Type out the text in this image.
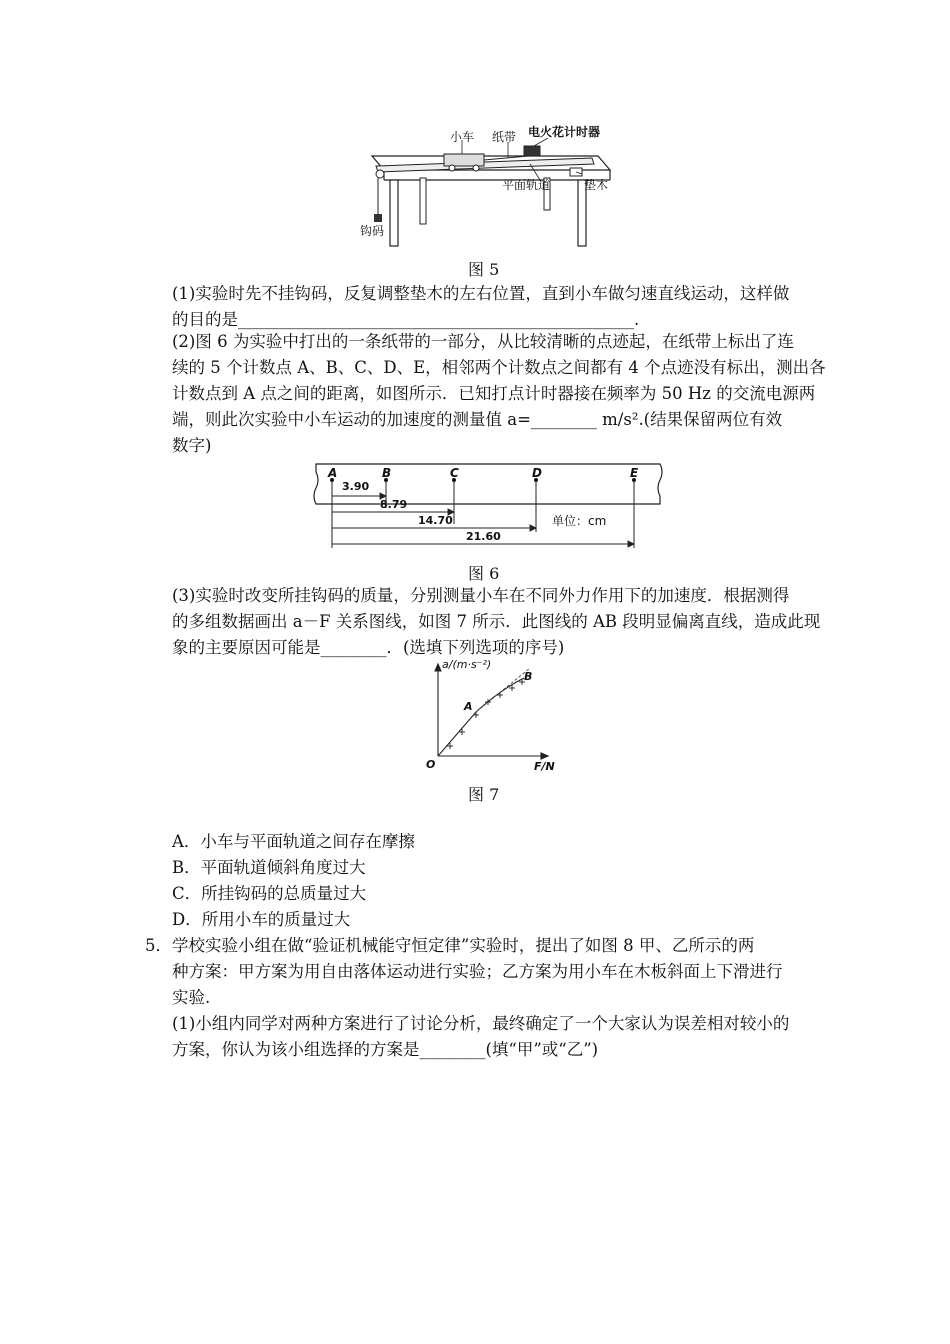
小车 纸带 电火花计时器
平面轨道	垫木
钩码
图 5
(1)实验时先不挂钩码，反复调整垫木的左右位置，直到小车做匀速直线运动，这样做
的目的是________________________________________________.
(2)图 6 为实验中打出的一条纸带的一部分，从比较清晰的点迹起，在纸带上标出了连
续的 5 个计数点 A、B、C、D、E，相邻两个计数点之间都有 4 个点迹没有标出，测出各
计数点到 A 点之间的距离，如图所示．已知打点计时器接在频率为 50 Hz 的交流电源两
端，则此次实验中小车运动的加速度的测量值 a=________ m/s².(结果保留两位有效
数字)
A	B	C	D	E
3.90
8.79
14.70
21.60
单位：cm
图 6
(3)实验时改变所挂钩码的质量，分别测量小车在不同外力作用下的加速度．根据测得
的多组数据画出 a－F 关系图线，如图 7 所示．此图线的 AB 段明显偏离直线，造成此现
象的主要原因可能是________．(选填下列选项的序号)
a/(m·s⁻²)
F/N
O
A
B
图 7
A．小车与平面轨道之间存在摩擦
B．平面轨道倾斜角度过大
C．所挂钩码的总质量过大
D．所用小车的质量过大
5．学校实验小组在做“验证机械能守恒定律”实验时，提出了如图 8 甲、乙所示的两
种方案：甲方案为用自由落体运动进行实验；乙方案为用小车在木板斜面上下滑进行
实验.
(1)小组内同学对两种方案进行了讨论分析，最终确定了一个大家认为误差相对较小的
方案，你认为该小组选择的方案是________(填“甲”或“乙”)
